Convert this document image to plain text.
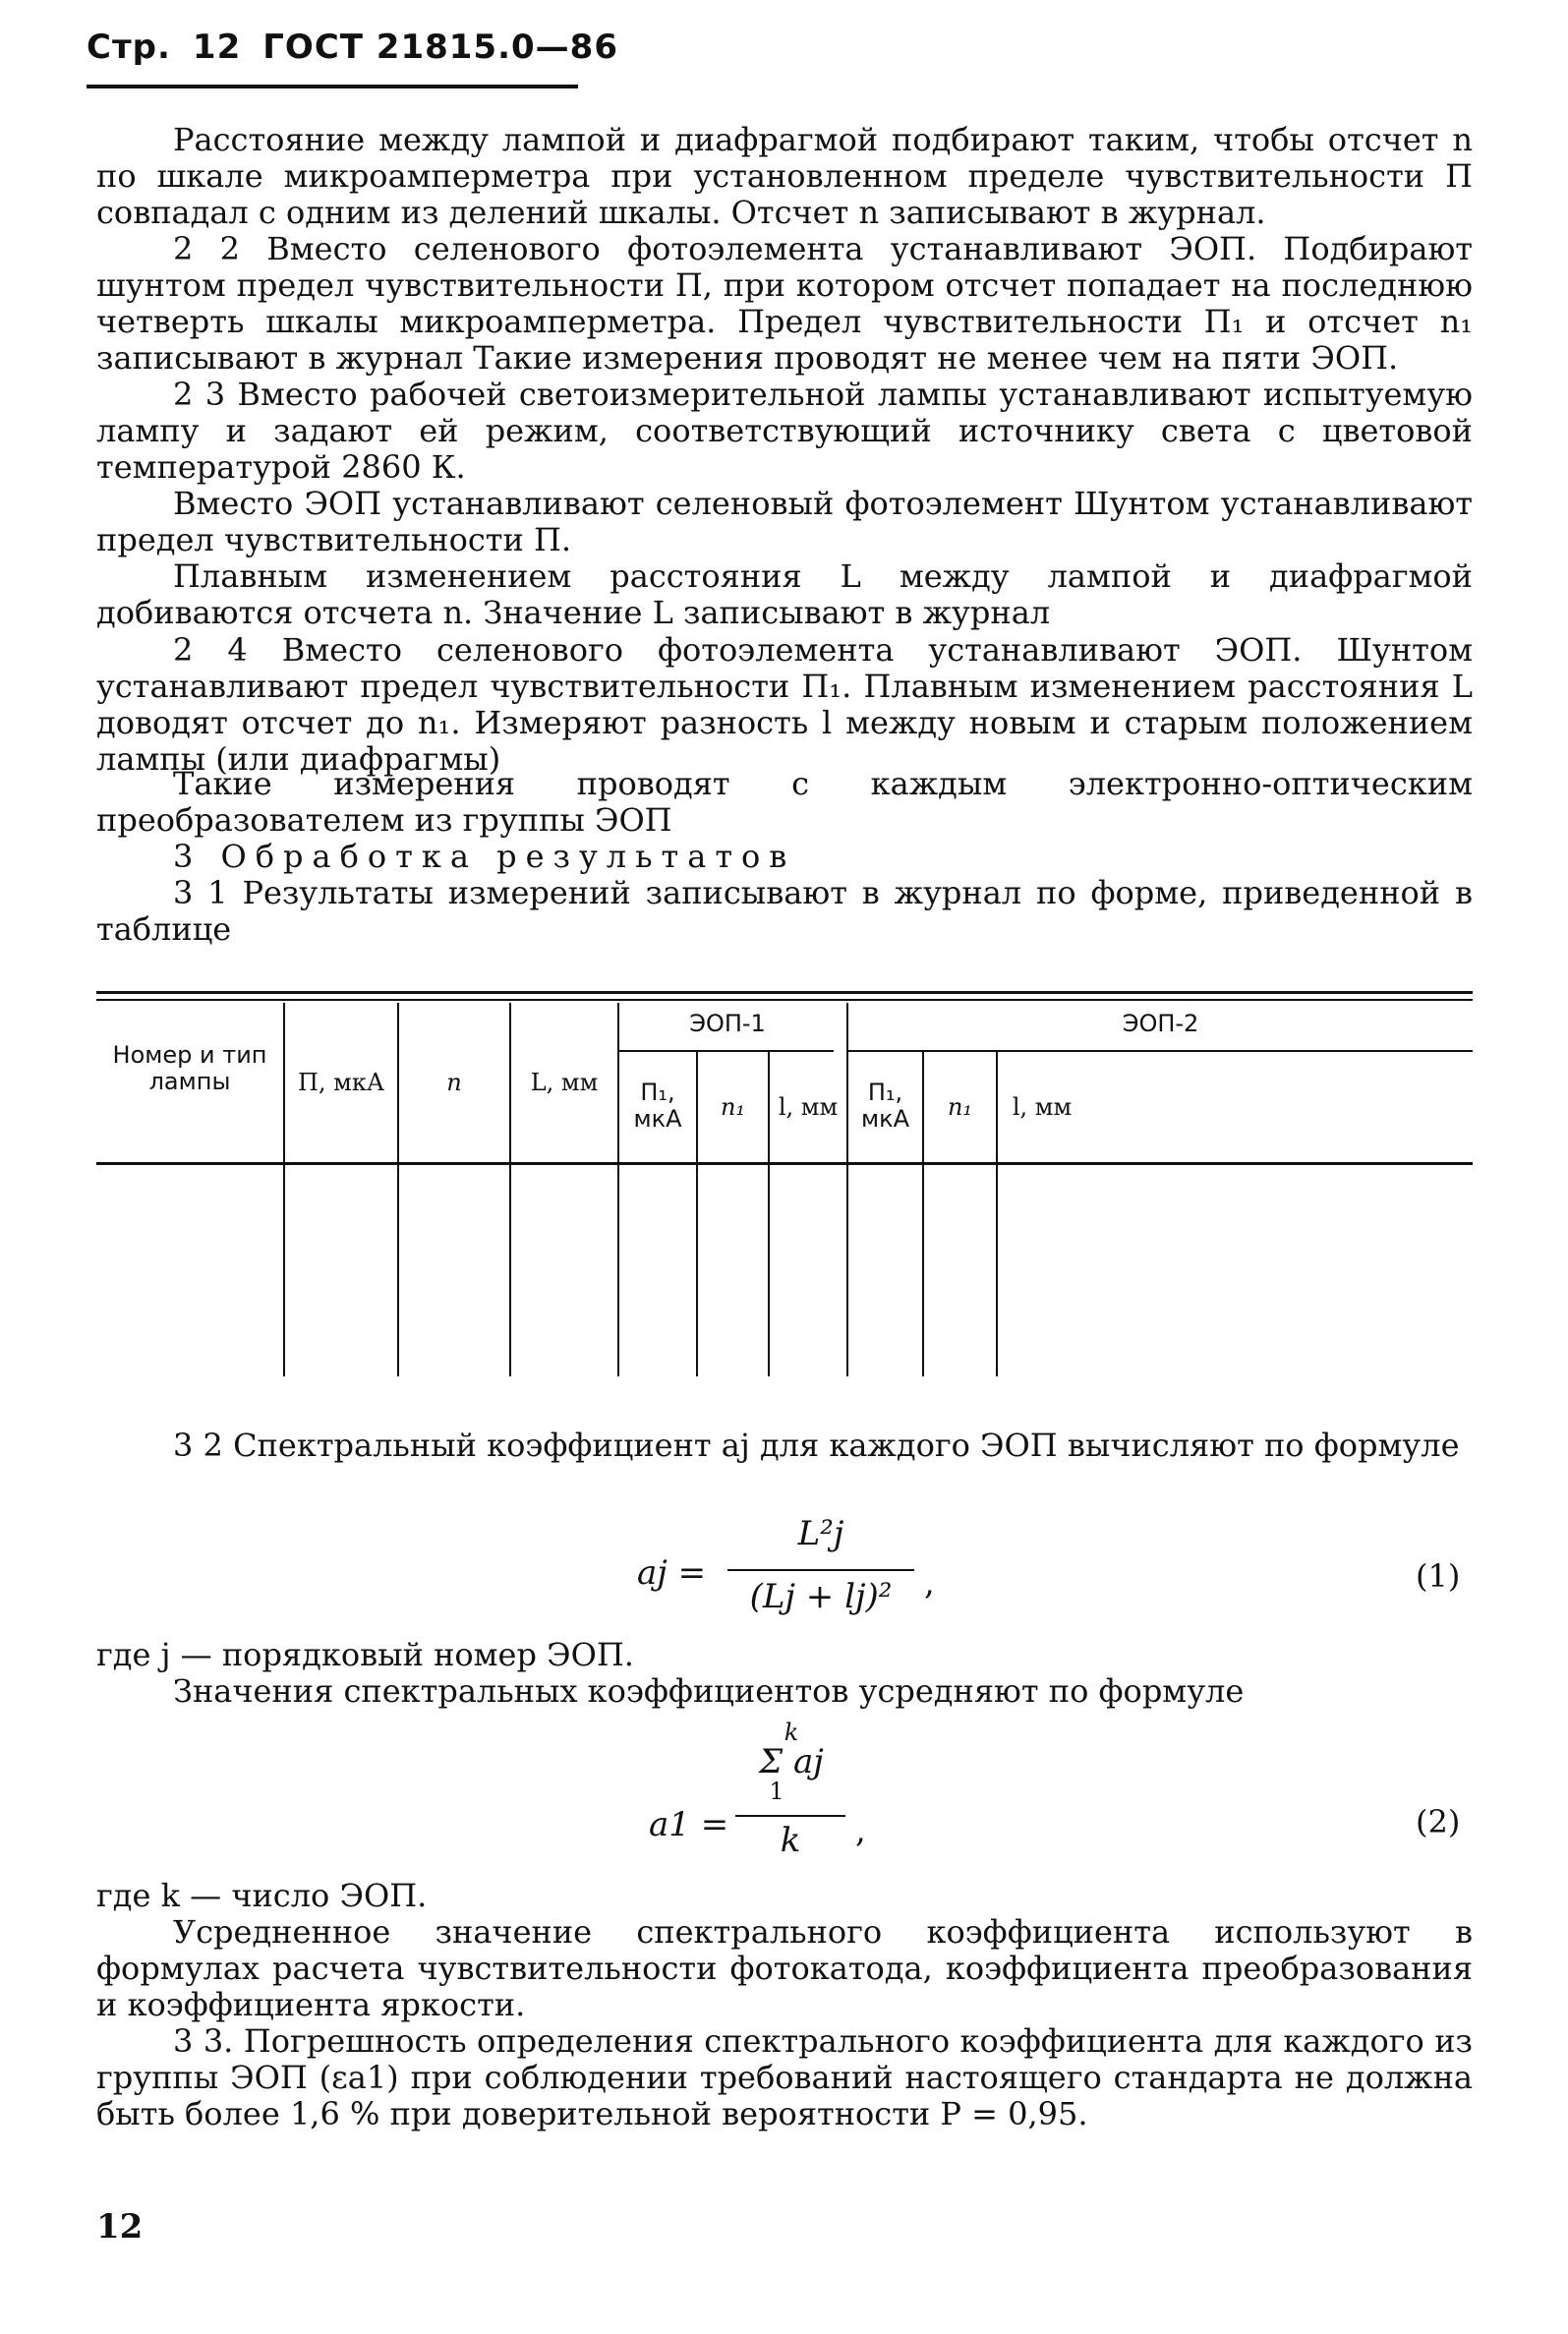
Стр. 12 ГОСТ 21815.0—86
Расстояние между лампой и диафрагмой подбирают таким, чтобы отсчет n по шкале микроамперметра при установленном пределе чувствительности П совпадал с одним из делений шкалы. Отсчет n записывают в журнал.
2 2 Вместо селенового фотоэлемента устанавливают ЭОП. Подбирают шунтом предел чувствительности П, при котором отсчет попадает на последнюю четверть шкалы микроамперметра. Предел чувствительности П₁ и отсчет n₁ записывают в журнал Такие измерения проводят не менее чем на пяти ЭОП.
2 3 Вместо рабочей светоизмерительной лампы устанавливают испытуемую лампу и задают ей режим, соответствующий источнику света с цветовой температурой 2860 К.
Вместо ЭОП устанавливают селеновый фотоэлемент Шунтом устанавливают предел чувствительности П.
Плавным изменением расстояния L между лампой и диафрагмой добиваются отсчета n. Значение L записывают в журнал
2 4 Вместо селенового фотоэлемента устанавливают ЭОП. Шунтом устанавливают предел чувствительности П₁. Плавным изменением расстояния L доводят отсчет до n₁. Измеряют разность l между новым и старым положением лампы (или диафрагмы)
Такие измерения проводят с каждым электронно-оптическим преобразователем из группы ЭОП
3 Обработка результатов
3 1 Результаты измерений записывают в журнал по форме, приведенной в таблице
Номер и тип лампы	П, мкА	n	L, мм
ЭОП-1	ЭОП-2
П₁, мкА	n₁	l, мм
П₁, мкА	n₁	l, мм
3 2 Спектральный коэффициент aj для каждого ЭОП вычисляют по формуле
aj =
L²j
(Lj + lj)² ,	(1)
где j — порядковый номер ЭОП.
Значения спектральных коэффициентов усредняют по формуле
a1 =
k
Σ aj
1
k	,	(2)
где k — число ЭОП.
Усредненное значение спектрального коэффициента используют в формулах расчета чувствительности фотокатода, коэффициента преобразования и коэффициента яркости.
3 3. Погрешность определения спектрального коэффициента для каждого из группы ЭОП (εa1) при соблюдении требований настоящего стандарта не должна быть более 1,6 % при доверительной вероятности P = 0,95.
12
